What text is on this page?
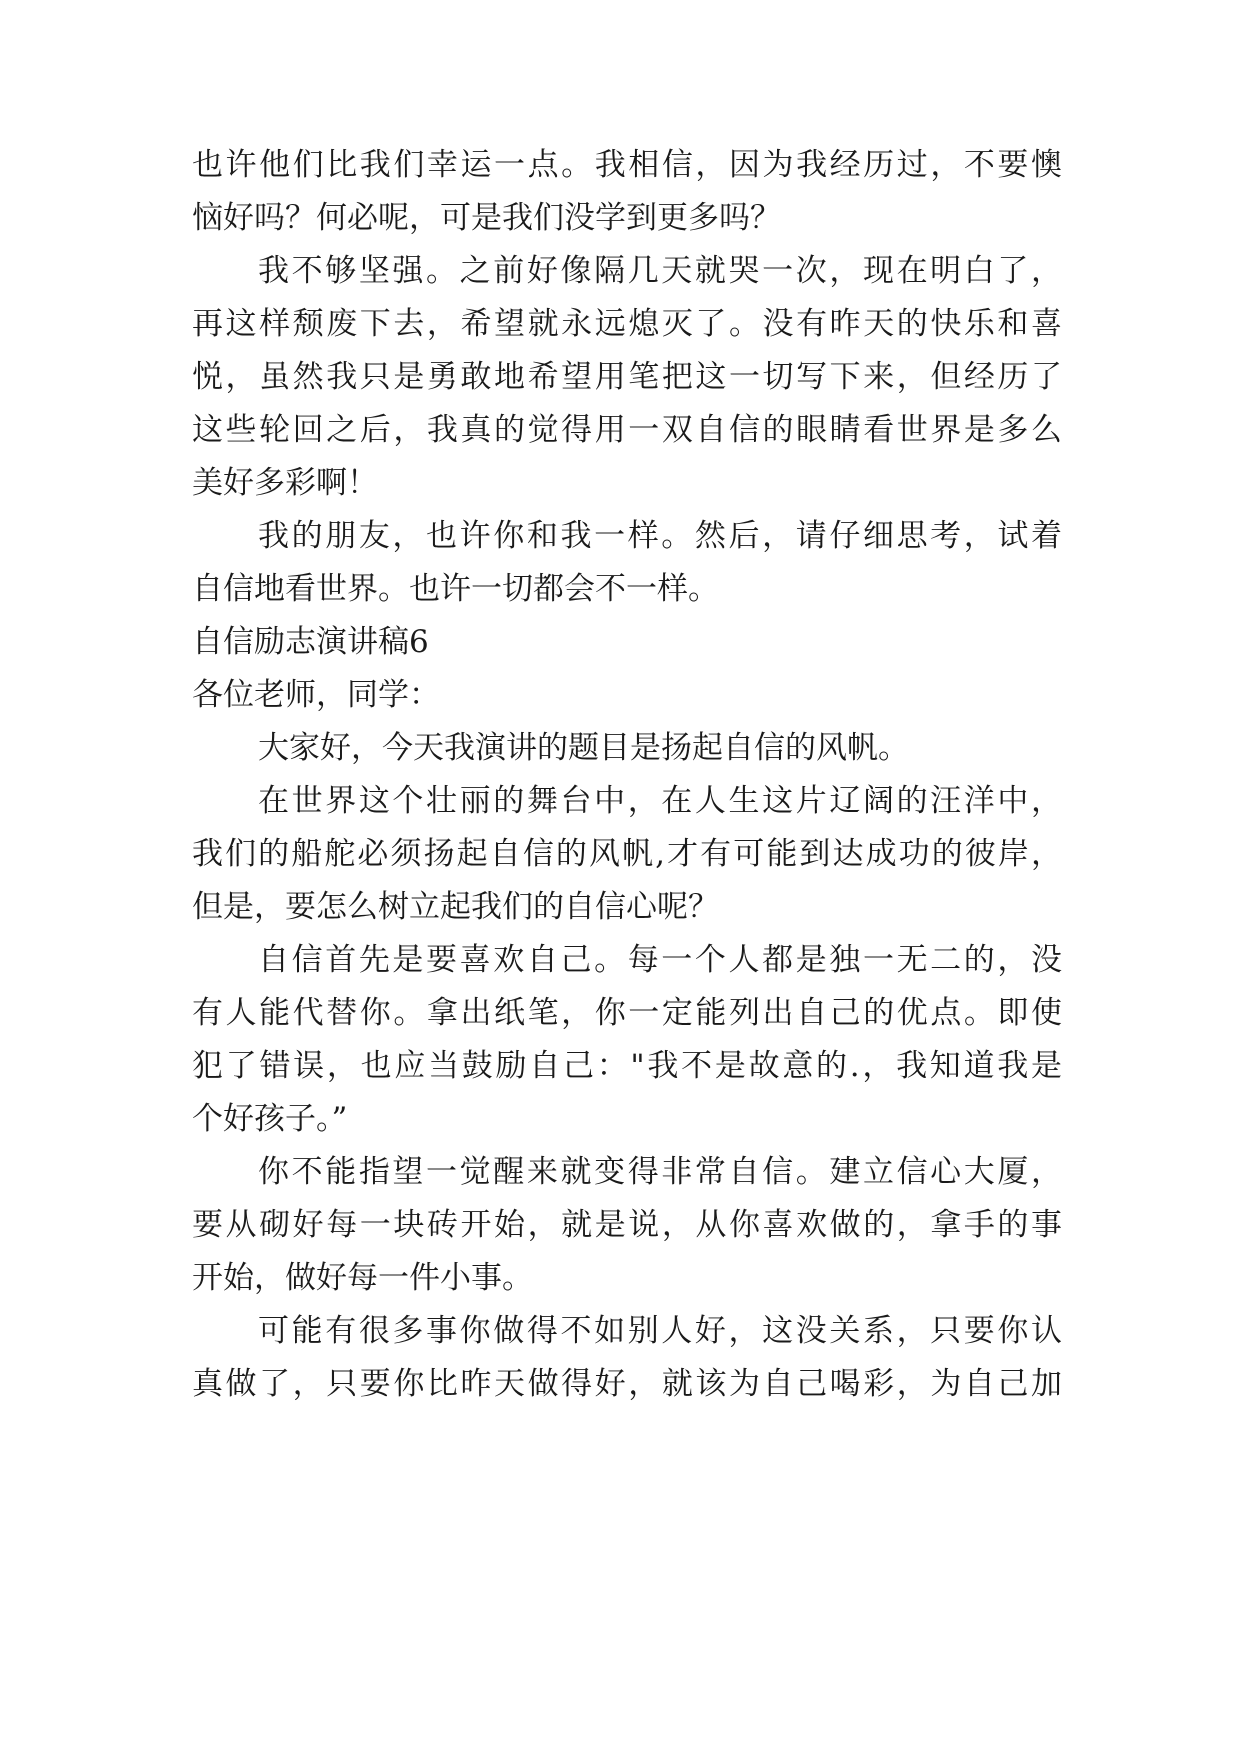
也许他们比我们幸运一点。我相信，因为我经历过，不要懊
恼好吗？何必呢，可是我们没学到更多吗？
我不够坚强。之前好像隔几天就哭一次，现在明白了，
再这样颓废下去，希望就永远熄灭了。没有昨天的快乐和喜
悦，虽然我只是勇敢地希望用笔把这一切写下来，但经历了
这些轮回之后，我真的觉得用一双自信的眼睛看世界是多么
美好多彩啊！
我的朋友，也许你和我一样。然后，请仔细思考，试着
自信地看世界。也许一切都会不一样。
自信励志演讲稿6
各位老师，同学：
大家好，今天我演讲的题目是扬起自信的风帆。
在世界这个壮丽的舞台中，在人生这片辽阔的汪洋中，
我们的船舵必须扬起自信的风帆,才有可能到达成功的彼岸，
但是，要怎么树立起我们的自信心呢？
自信首先是要喜欢自己。每一个人都是独一无二的，没
有人能代替你。拿出纸笔，你一定能列出自己的优点。即使
犯了错误，也应当鼓励自己："我不是故意的.，我知道我是
个好孩子。”
你不能指望一觉醒来就变得非常自信。建立信心大厦，
要从砌好每一块砖开始，就是说，从你喜欢做的，拿手的事
开始，做好每一件小事。
可能有很多事你做得不如别人好，这没关系，只要你认
真做了，只要你比昨天做得好，就该为自己喝彩，为自己加
